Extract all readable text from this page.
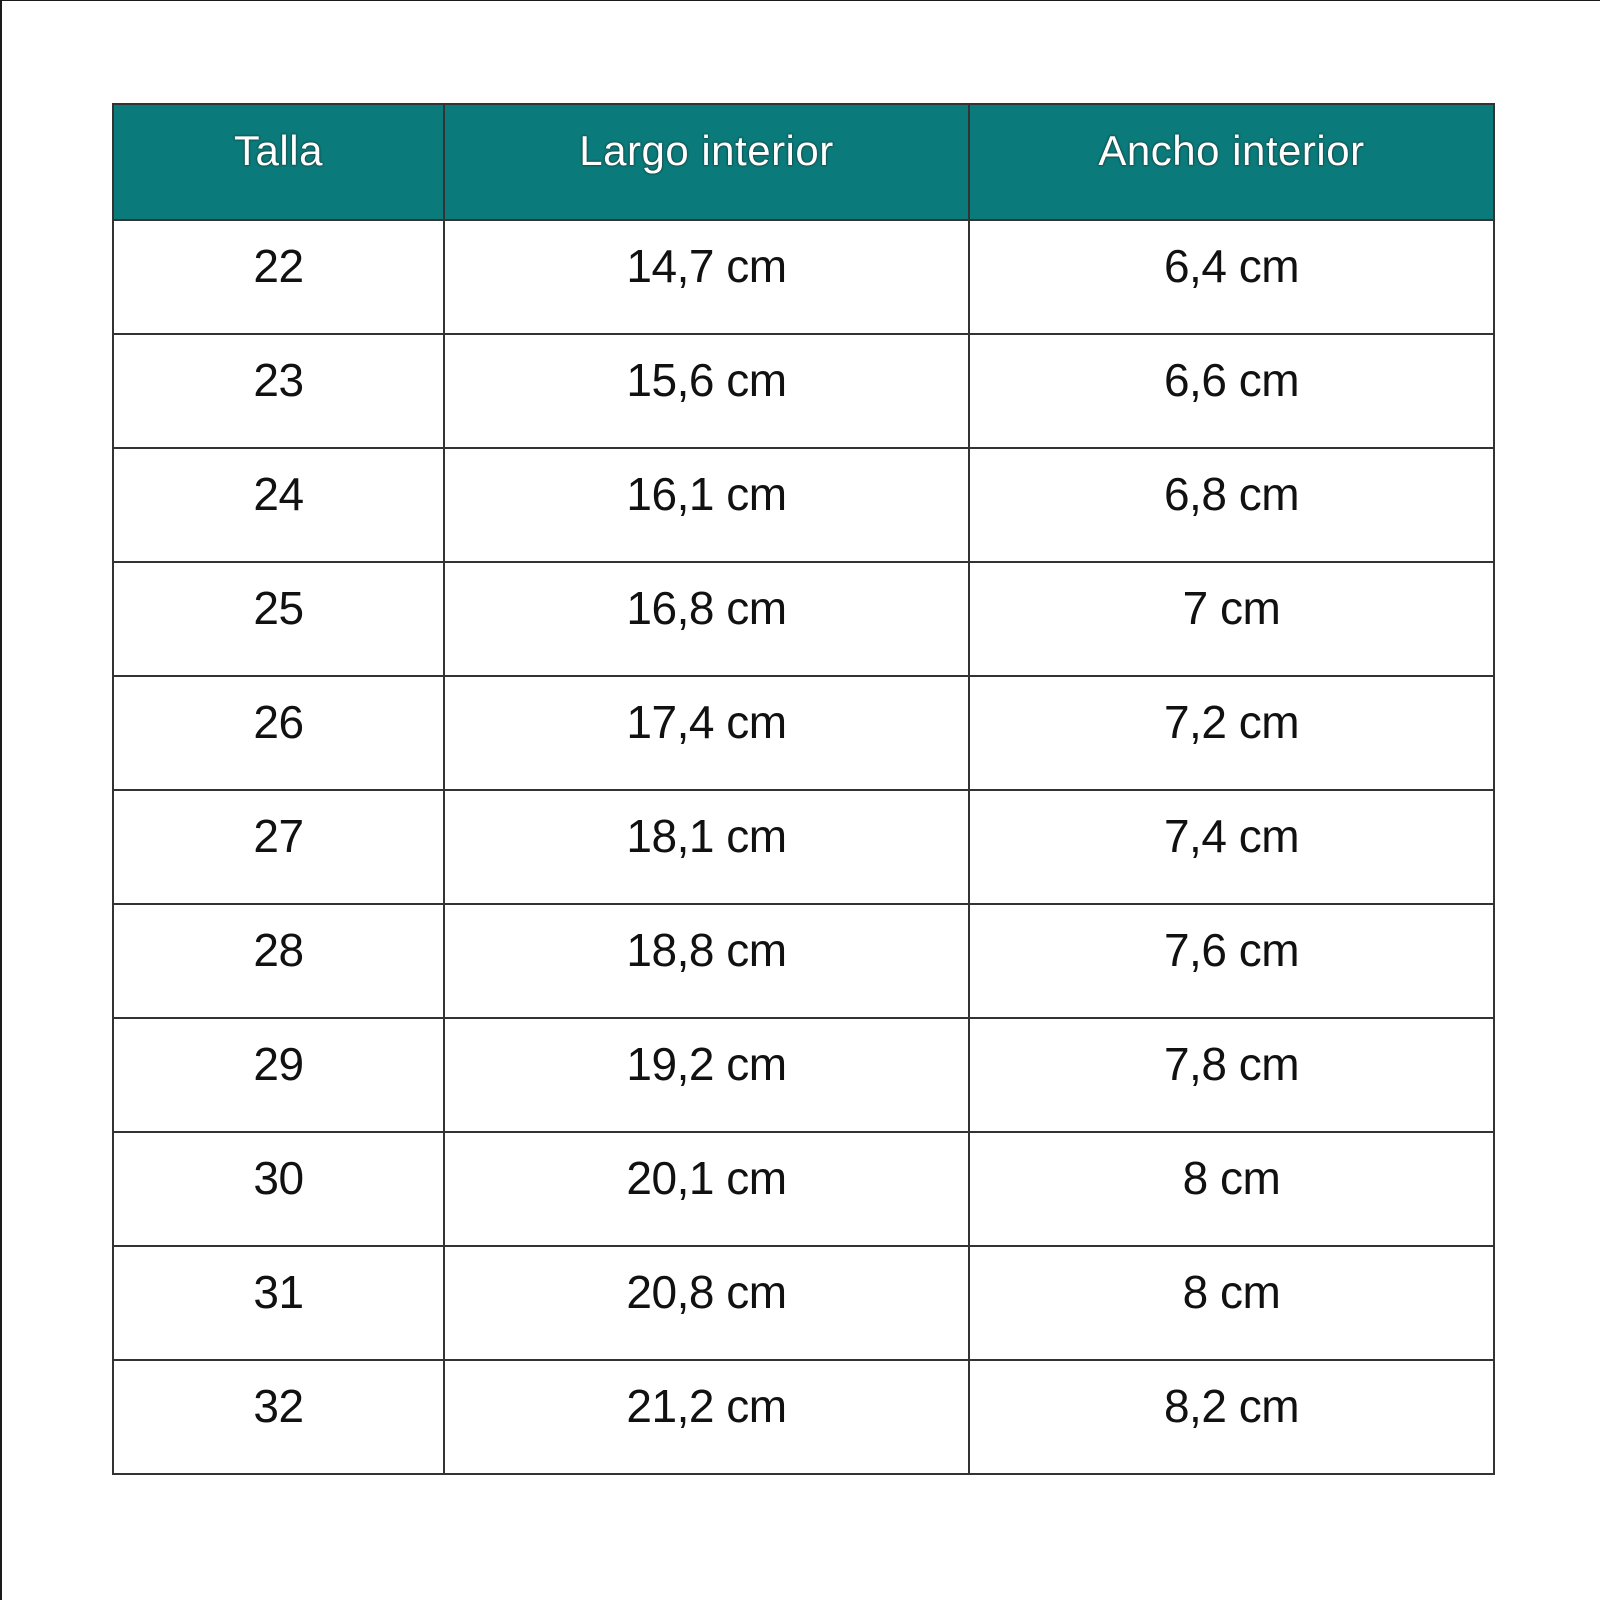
Talla	Largo interior	Ancho interior
22	14,7 cm	6,4 cm
23	15,6 cm	6,6 cm
24	16,1 cm	6,8 cm
25	16,8 cm	7 cm
26	17,4 cm	7,2 cm
27	18,1 cm	7,4 cm
28	18,8 cm	7,6 cm
29	19,2 cm	7,8 cm
30	20,1 cm	8 cm
31	20,8 cm	8 cm
32	21,2 cm	8,2 cm
